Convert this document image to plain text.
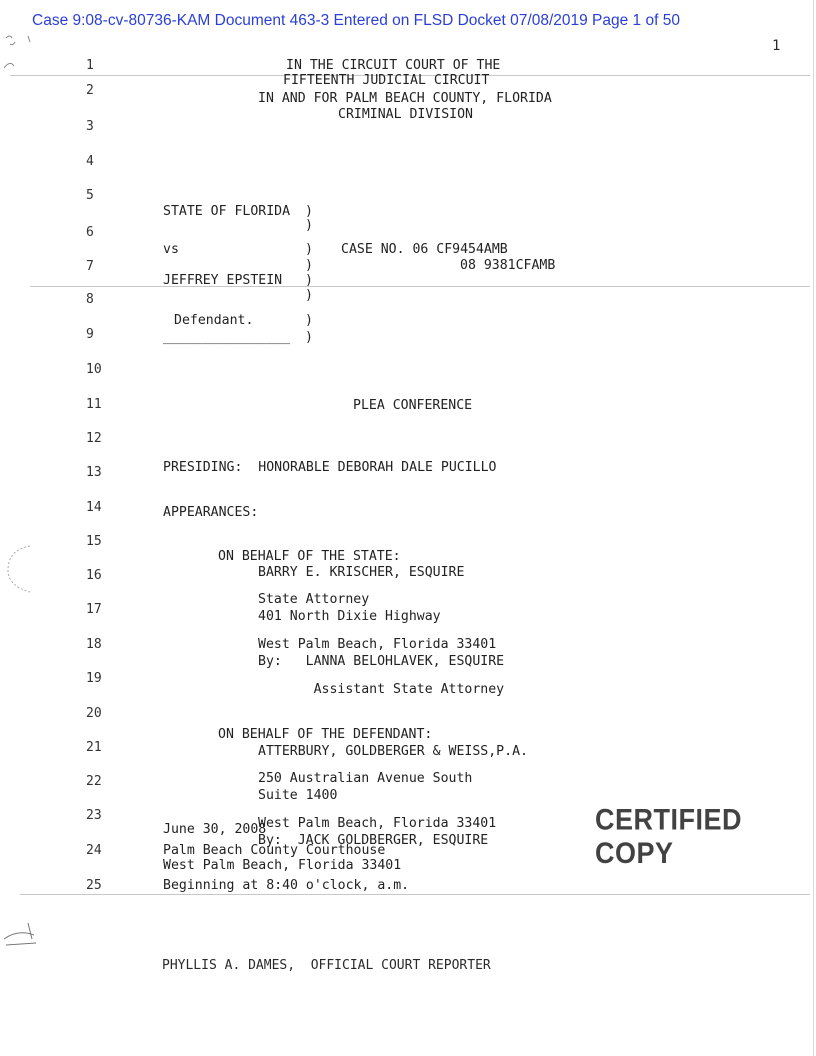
Case 9:08-cv-80736-KAM Document 463-3 Entered on FLSD Docket 07/08/2019 Page 1 of 50
1
1
2
3
4
5
6
7
8
9
10
11
12
13
14
15
16
17
18
19
20
21
22
23
IN THE CIRCUIT COURT OF THE
FIFTEENTH JUDICIAL CIRCUIT
IN AND FOR PALM BEACH COUNTY, FLORIDA
CRIMINAL DIVISION
STATE OF FLORIDA )
)
vs	) CASE NO. 06 CF9454AMB
)	08 9381CFAMB
JEFFREY EPSTEIN )
)
Defendant.	)
________________ )
PLEA CONFERENCE
PRESIDING:  HONORABLE DEBORAH DALE PUCILLO
APPEARANCES:
ON BEHALF OF THE STATE:
BARRY E. KRISCHER, ESQUIRE
State Attorney
401 North Dixie Highway
West Palm Beach, Florida 33401
By:   LANNA BELOHLAVEK, ESQUIRE
Assistant State Attorney
ON BEHALF OF THE DEFENDANT:
ATTERBURY, GOLDBERGER & WEISS,P.A.
250 Australian Avenue South
Suite 1400
West Palm Beach, Florida 33401
By:  JACK GOLDBERGER, ESQUIRE
CERTIFIED COPY
June 30, 2008
PHYLLIS A. DAMES,  OFFICIAL COURT REPORTER
24
25
Palm Beach County Courthouse
West Palm Beach, Florida 33401
Beginning at 8:40 o'clock, a.m.
